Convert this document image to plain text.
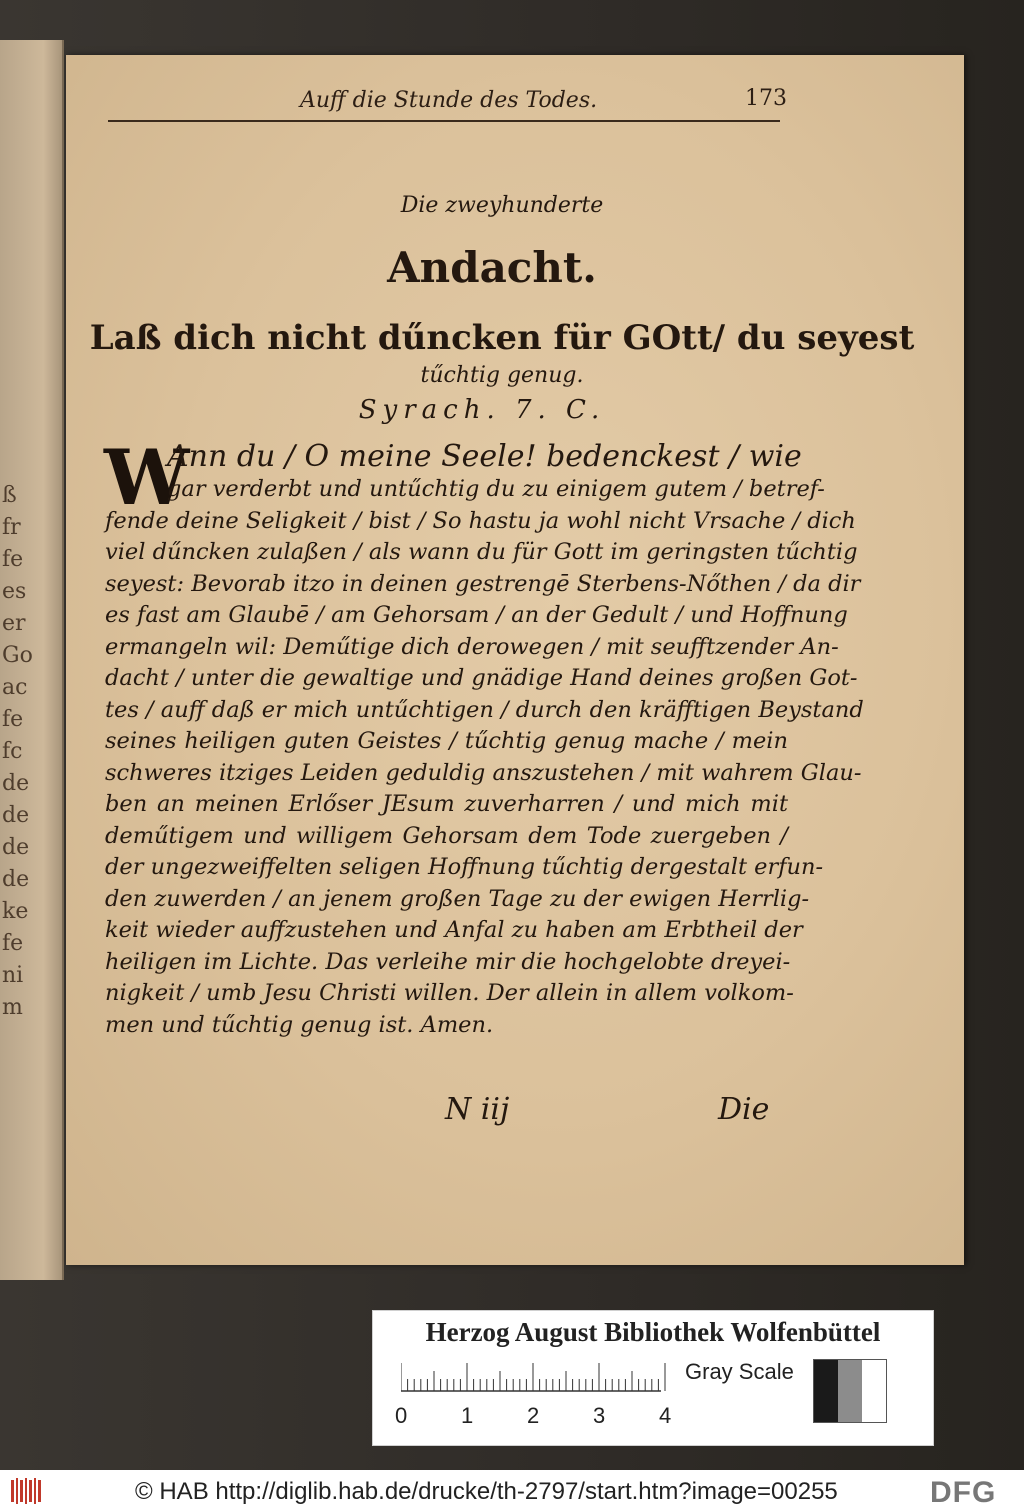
ß
fr
fe
es
er
Go
ac
fe
fc
de
de
de
de
ke
fe
ni
m
Auff die Stunde des Todes.	173

Die zweyhunderte

Andacht.

Laß dich nicht dűncken für GOtt/ du seyest

tűchtig genug.

Syrach. 7. C.

W
Ann du / O meine Seele! bedenckest / wie
gar verderbt und untűchtig du zu einigem gutem / betref-
fende deine Seligkeit / bist / So hastu ja wohl nicht Vrsache / dich
viel dűncken zulaßen / als wann du für Gott im geringsten tűchtig
seyest: Bevorab itzo in deinen gestrengē Sterbens-Nőthen / da dir
es fast am Glaubē / am Gehorsam / an der Gedult / und Hoffnung
ermangeln wil: Deműtige dich derowegen / mit seufftzender An-
dacht / unter die gewaltige und gnädige Hand deines großen Got-
tes / auff daß er mich untűchtigen / durch den kräfftigen Beystand
seines heiligen guten Geistes / tűchtig genug mache / mein
schweres itziges Leiden geduldig anszustehen / mit wahrem Glau-
ben an meinen Erlőser JEsum zuverharren / und mich mit
deműtigem und willigem Gehorsam dem Tode zuergeben /
der ungezweiffelten seligen Hoffnung tűchtig dergestalt erfun-
den zuwerden / an jenem großen Tage zu der ewigen Herrlig-
keit wieder auffzustehen und Anfal zu haben am Erbtheil der
heiligen im Lichte. Das verleihe mir die hochgelobte dreyei-
nigkeit / umb Jesu Christi willen. Der allein in allem volkom-
men und tűchtig genug ist. Amen.
N iij	Die
Herzog August Bibliothek Wolfenbüttel
0 1 2 3 4
Gray Scale
© HAB http://diglib.hab.de/drucke/th-2797/start.htm?image=00255	DFG
